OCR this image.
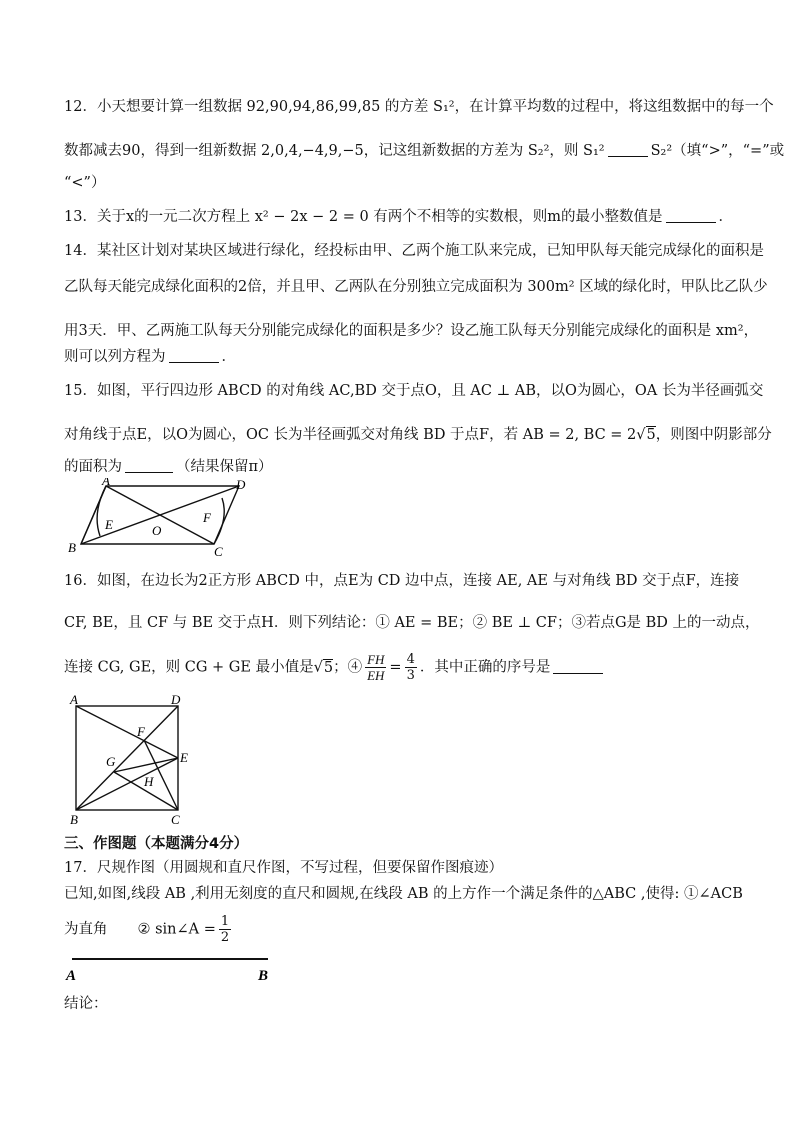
12．小天想要计算一组数据 92,90,94,86,99,85 的方差 S₁²，在计算平均数的过程中，将这组数据中的每一个
数都减去90，得到一组新数据 2,0,4,−4,9,−5，记这组新数据的方差为 S₂²，则 S₁²	S₂²（填“>”，“=”或
“<”）
13．关于x的一元二次方程上 x² − 2x − 2 = 0 有两个不相等的实数根，则m的最小整数值是	．
14．某社区计划对某块区域进行绿化，经投标由甲、乙两个施工队来完成，已知甲队每天能完成绿化的面积是
乙队每天能完成绿化面积的2倍，并且甲、乙两队在分别独立完成面积为 300m² 区域的绿化时，甲队比乙队少
用3天．甲、乙两施工队每天分别能完成绿化的面积是多少？设乙施工队每天分别能完成绿化的面积是 xm²，
则可以列方程为	．
15．如图，平行四边形 ABCD 的对角线 AC,BD 交于点O，且 AC ⊥ AB，以O为圆心，OA 长为半径画弧交
对角线于点E，以O为圆心，OC 长为半径画弧交对角线 BD 于点F，若 AB = 2, BC = 2√5，则图中阴影部分
的面积为	（结果保留π）
A	D
E	O
F
B	C
16．如图，在边长为2正方形 ABCD 中，点E为 CD 边中点，连接 AE, AE 与对角线 BD 交于点F，连接
CF, BE，且 CF 与 BE 交于点H．则下列结论：① AE = BE；② BE ⊥ CF；③若点G是 BD 上的一动点，
连接 CG, GE，则 CG + GE 最小值是√5；④ $\frac{FH}{EH} = \frac{4}{3}$ ．其中正确的序号是
A	D
F
G	E
H
B	C
三、作图题（本题满分4分）
17．尺规作图（用圆规和直尺作图，不写过程，但要保留作图痕迹）
已知,如图,线段 AB ,利用无刻度的直尺和圆规,在线段 AB 的上方作一个满足条件的△ABC ,使得: ①∠ACB
为直角 ② sin∠A = $\frac{1}{2}$
A	B
结论：
